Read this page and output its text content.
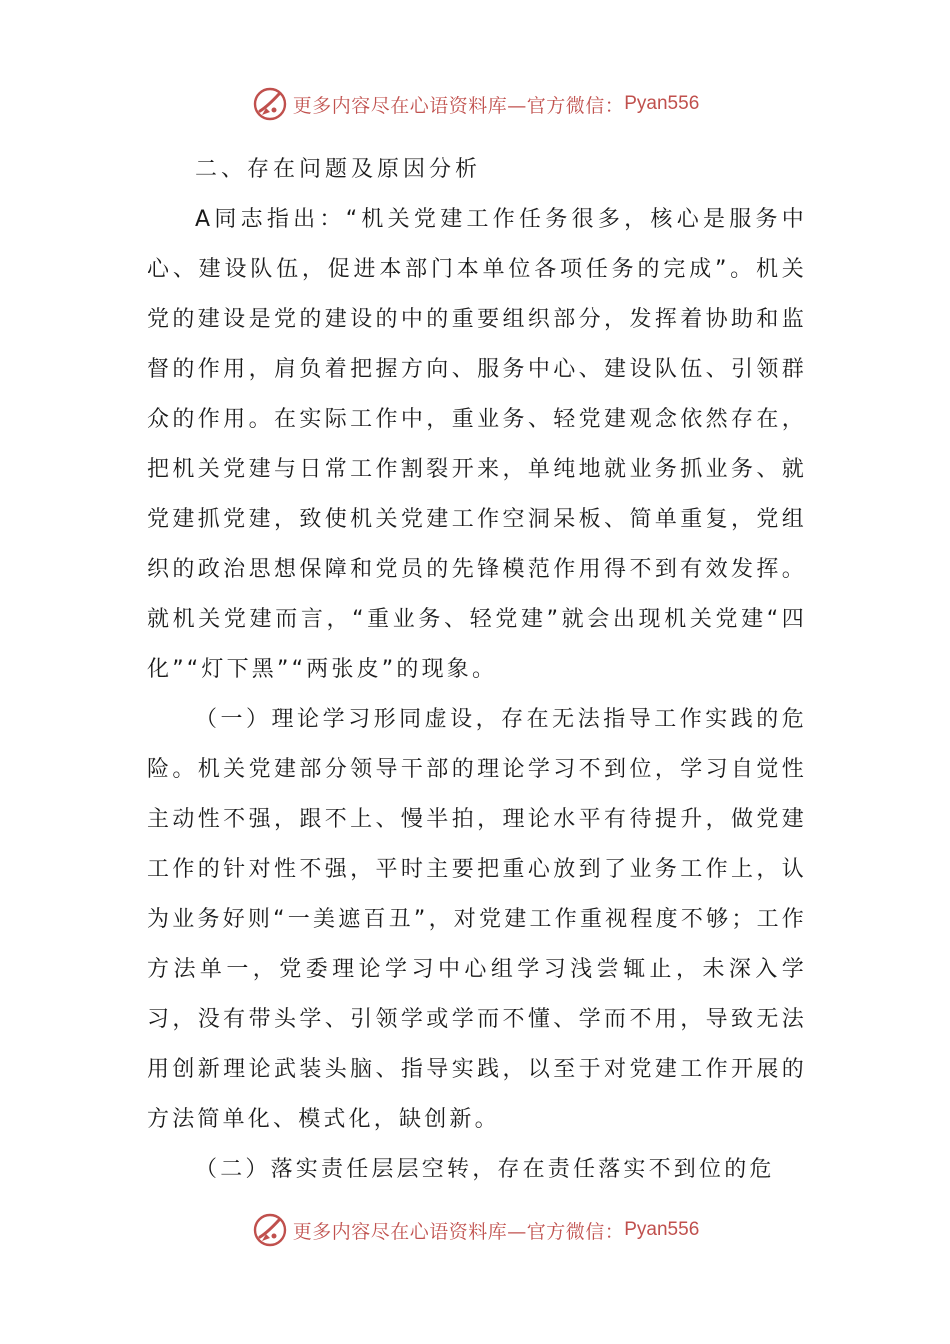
更多内容尽在心语资料库—官方微信： Pyan556
二、存在问题及原因分析

A同志指出：“机关党建工作任务很多，核心是服务中心、建设队伍，促进本部门本单位各项任务的完成”。机关党的建设是党的建设的中的重要组织部分，发挥着协助和监督的作用，肩负着把握方向、服务中心、建设队伍、引领群众的作用。在实际工作中，重业务、轻党建观念依然存在，把机关党建与日常工作割裂开来，单纯地就业务抓业务、就党建抓党建，致使机关党建工作空洞呆板、简单重复，党组织的政治思想保障和党员的先锋模范作用得不到有效发挥。就机关党建而言，“重业务、轻党建”就会出现机关党建“四化”“灯下黑”“两张皮”的现象。

（一）理论学习形同虚设，存在无法指导工作实践的危险。机关党建部分领导干部的理论学习不到位，学习自觉性主动性不强，跟不上、慢半拍，理论水平有待提升，做党建工作的针对性不强，平时主要把重心放到了业务工作上，认为业务好则“一美遮百丑”，对党建工作重视程度不够；工作方法单一，党委理论学习中心组学习浅尝辄止，未深入学习，没有带头学、引领学或学而不懂、学而不用，导致无法用创新理论武装头脑、指导实践，以至于对党建工作开展的方法简单化、模式化，缺创新。

（二）落实责任层层空转，存在责任落实不到位的危

更多内容尽在心语资料库—官方微信： Pyan556
